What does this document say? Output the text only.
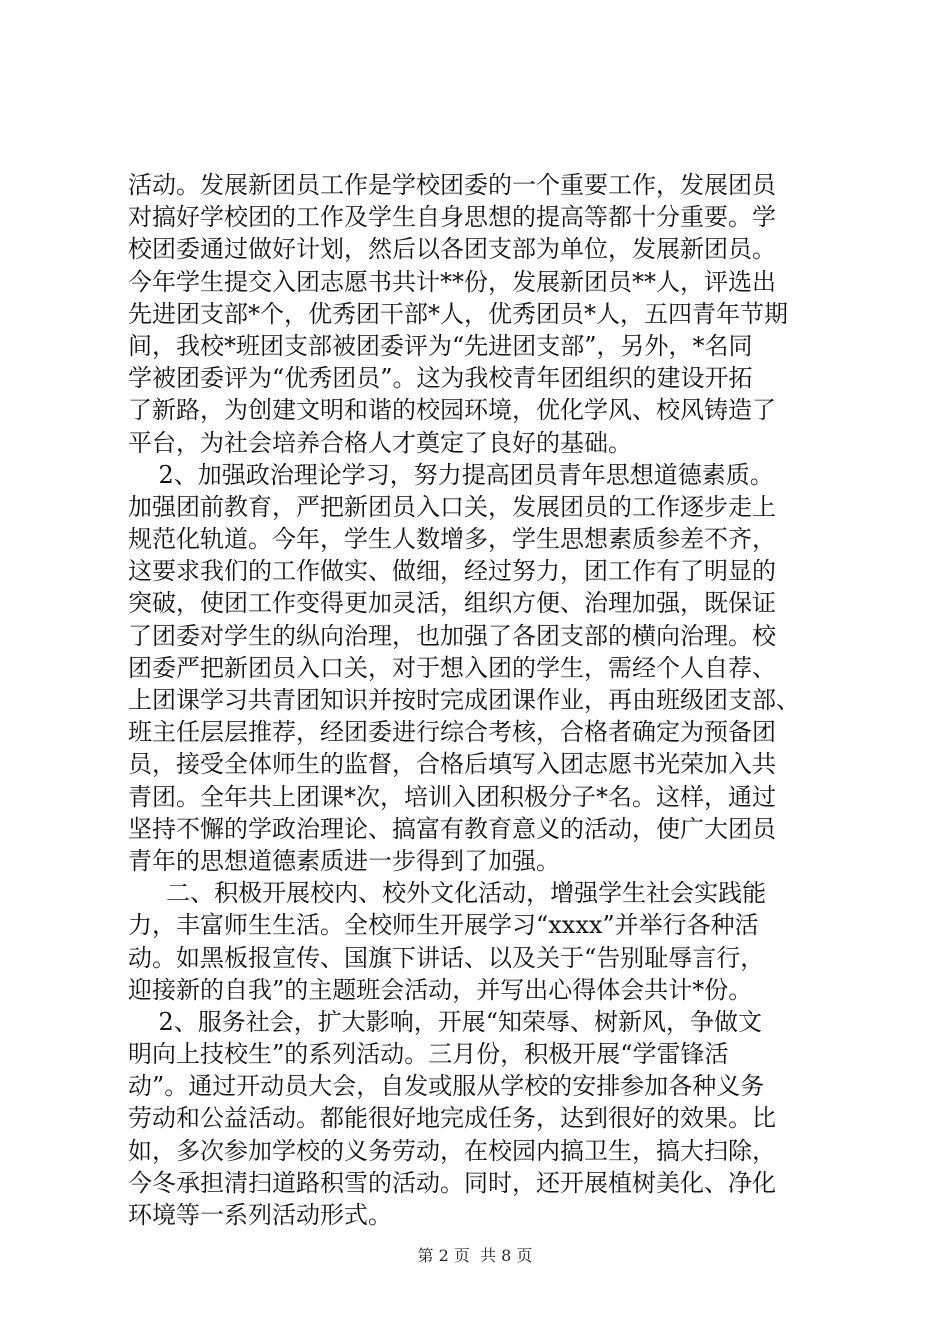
活动。发展新团员工作是学校团委的一个重要工作，发展团员
对搞好学校团的工作及学生自身思想的提高等都十分重要。学
校团委通过做好计划，然后以各团支部为单位，发展新团员。
今年学生提交入团志愿书共计**份，发展新团员**人，评选出
先进团支部*个，优秀团干部*人，优秀团员*人，五四青年节期
间，我校*班团支部被团委评为“先进团支部”，另外，*名同
学被团委评为“优秀团员”。这为我校青年团组织的建设开拓
了新路，为创建文明和谐的校园环境，优化学风、校风铸造了
平台，为社会培养合格人才奠定了良好的基础。
2、加强政治理论学习，努力提高团员青年思想道德素质。
加强团前教育，严把新团员入口关，发展团员的工作逐步走上
规范化轨道。今年，学生人数增多，学生思想素质参差不齐，
这要求我们的工作做实、做细，经过努力，团工作有了明显的
突破，使团工作变得更加灵活，组织方便、治理加强，既保证
了团委对学生的纵向治理，也加强了各团支部的横向治理。校
团委严把新团员入口关，对于想入团的学生，需经个人自荐、
上团课学习共青团知识并按时完成团课作业，再由班级团支部、
班主任层层推荐，经团委进行综合考核，合格者确定为预备团
员，接受全体师生的监督，合格后填写入团志愿书光荣加入共
青团。全年共上团课*次，培训入团积极分子*名。这样，通过
坚持不懈的学政治理论、搞富有教育意义的活动，使广大团员
青年的思想道德素质进一步得到了加强。
二、积极开展校内、校外文化活动，增强学生社会实践能
力，丰富师生生活。全校师生开展学习“xxxx”并举行各种活
动。如黑板报宣传、国旗下讲话、以及关于“告别耻辱言行，
迎接新的自我”的主题班会活动，并写出心得体会共计*份。
2、服务社会，扩大影响，开展“知荣辱、树新风，争做文
明向上技校生”的系列活动。三月份，积极开展“学雷锋活
动”。通过开动员大会，自发或服从学校的安排参加各种义务
劳动和公益活动。都能很好地完成任务，达到很好的效果。比
如，多次参加学校的义务劳动，在校园内搞卫生，搞大扫除，
今冬承担清扫道路积雪的活动。同时，还开展植树美化、净化
环境等一系列活动形式。
第 2 页  共 8 页
